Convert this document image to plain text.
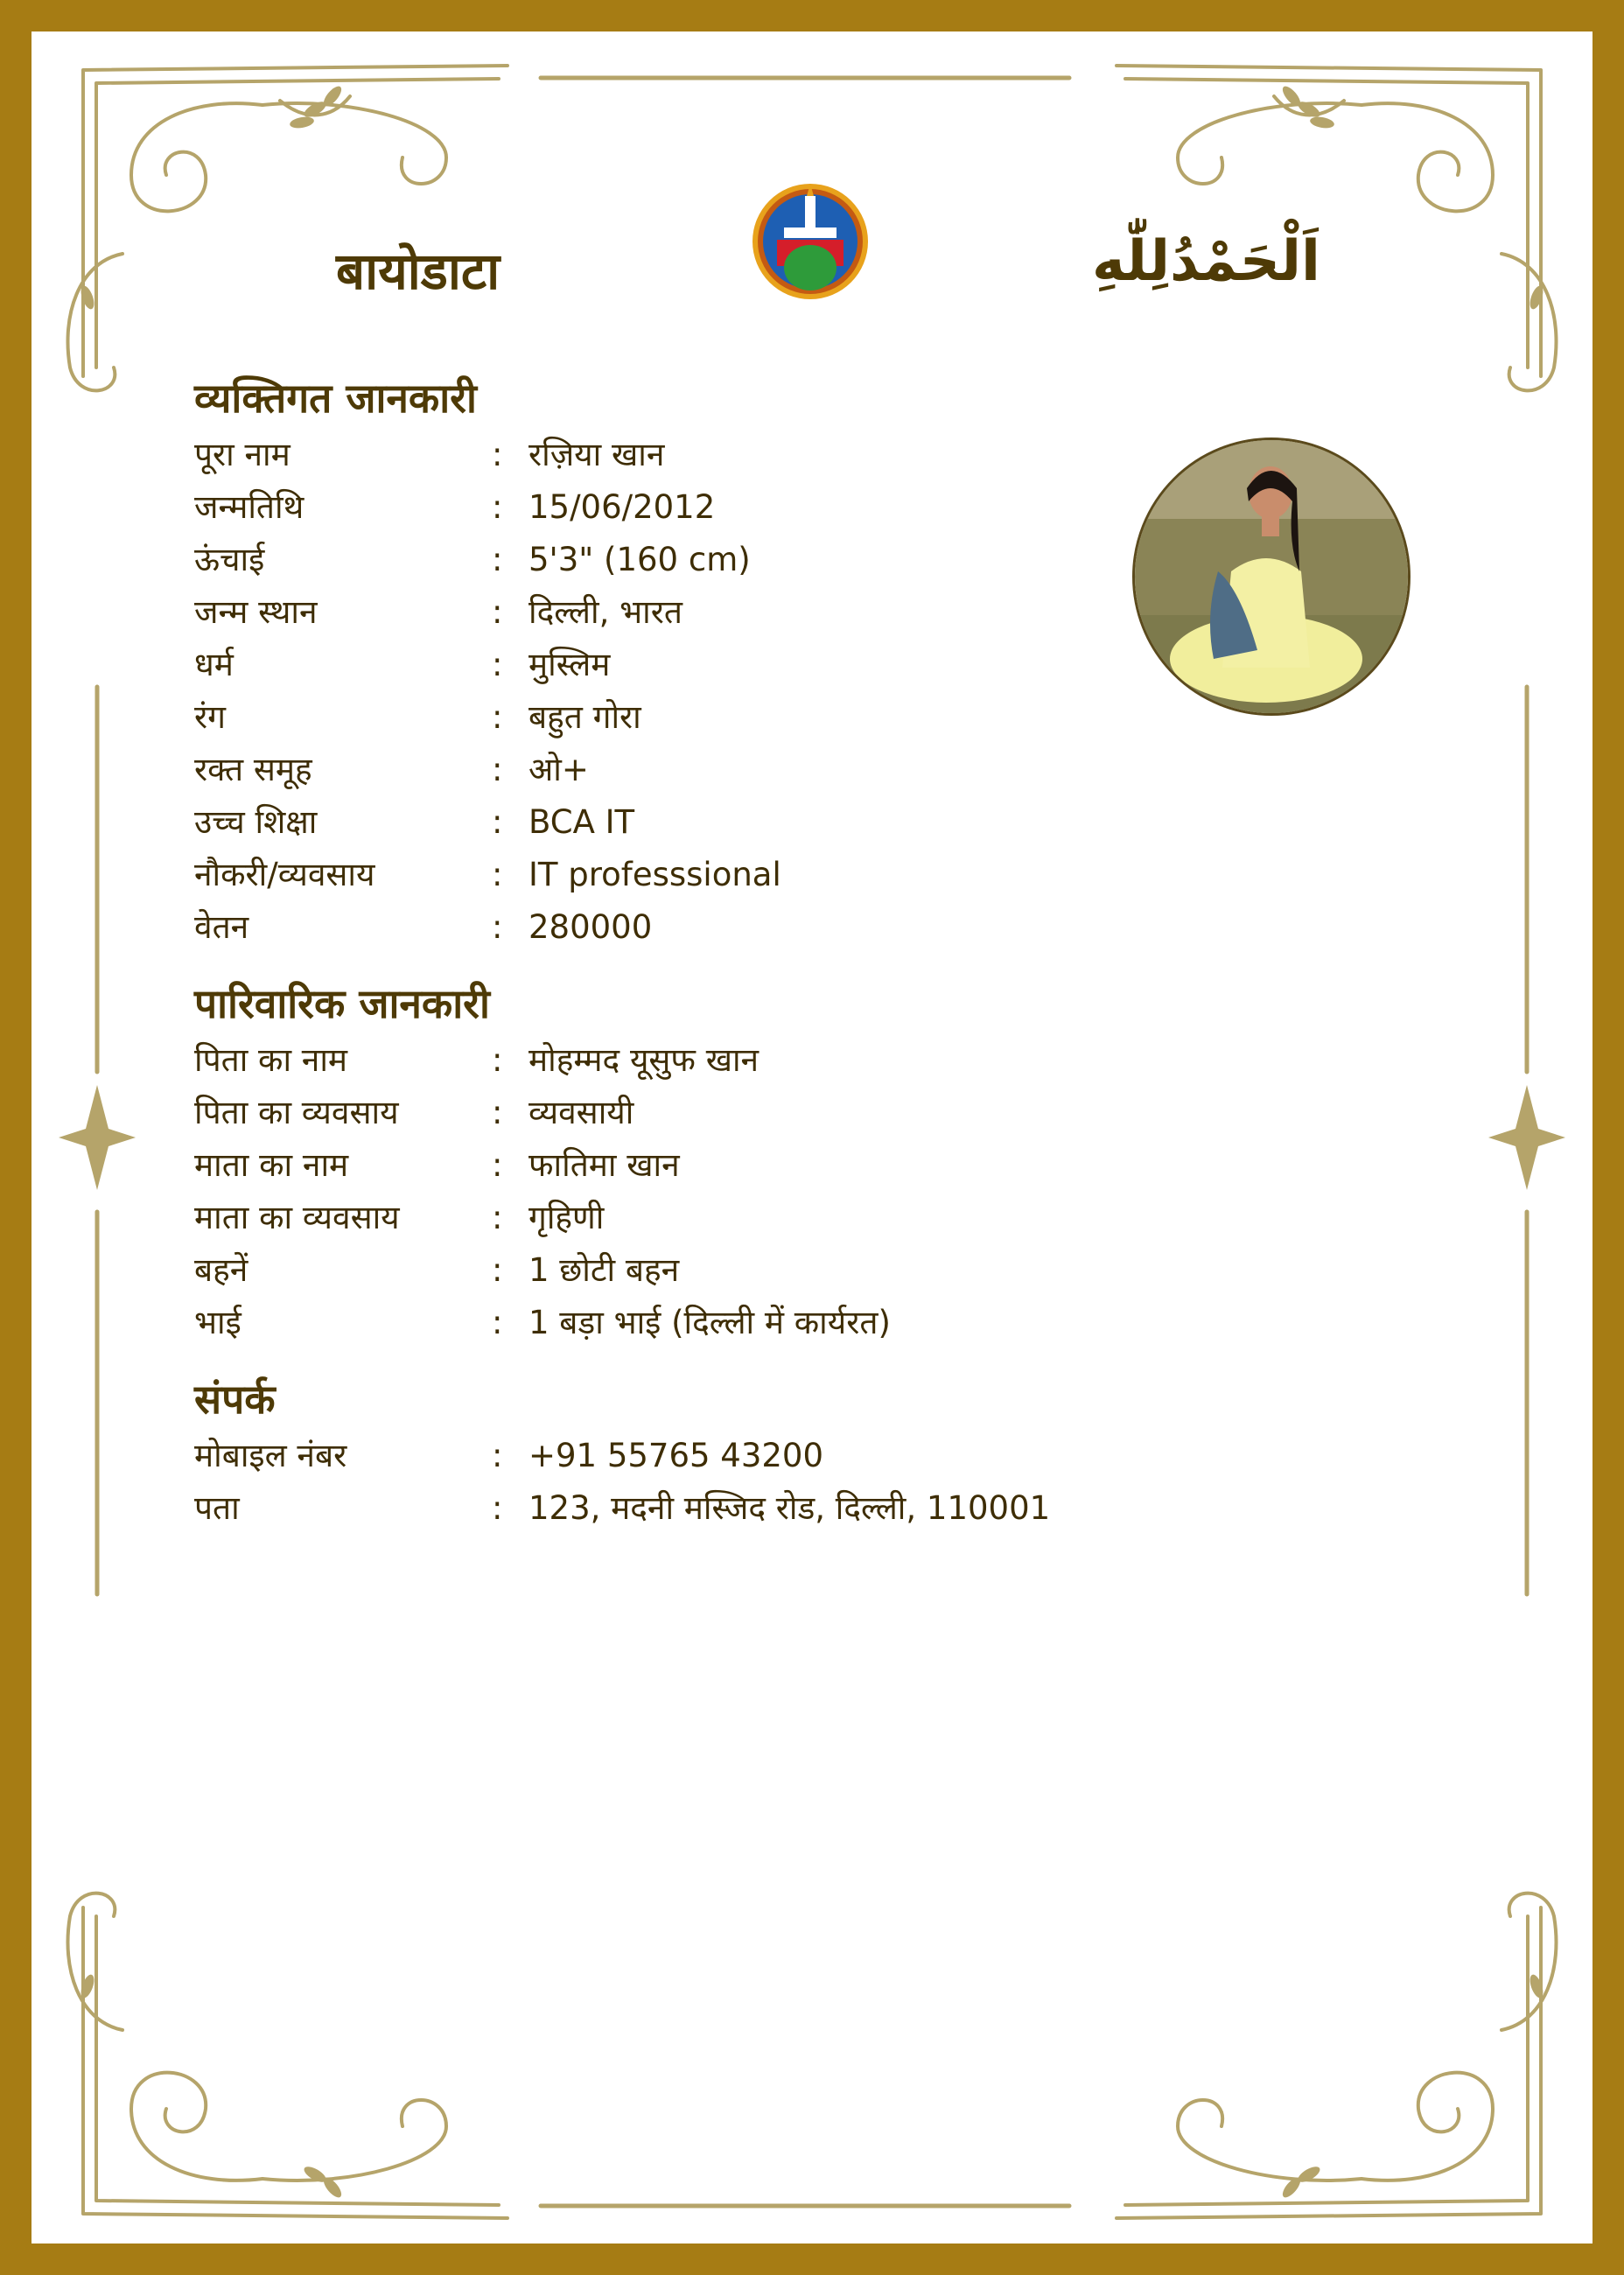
बायोडाटा	اَلْحَمْدُلِلّٰهِ
व्यक्तिगत जानकारी
पूरा नाम	: रज़िया खान
जन्मतिथि	: 15/06/2012
ऊंचाई	: 5'3" (160 cm)
जन्म स्थान	: दिल्ली, भारत
धर्म	: मुस्लिम
रंग	: बहुत गोरा
रक्त समूह	: ओ+
उच्च शिक्षा	: BCA IT
नौकरी/व्यवसाय	: IT professsional
वेतन	: 280000
पारिवारिक जानकारी
पिता का नाम	: मोहम्मद यूसुफ खान
पिता का व्यवसाय	: व्यवसायी
माता का नाम	: फातिमा खान
माता का व्यवसाय	: गृहिणी
बहनें	: 1 छोटी बहन
भाई	: 1 बड़ा भाई (दिल्ली में कार्यरत)
संपर्क
मोबाइल नंबर	: +91 55765 43200
पता	: 123, मदनी मस्जिद रोड, दिल्ली, 110001
